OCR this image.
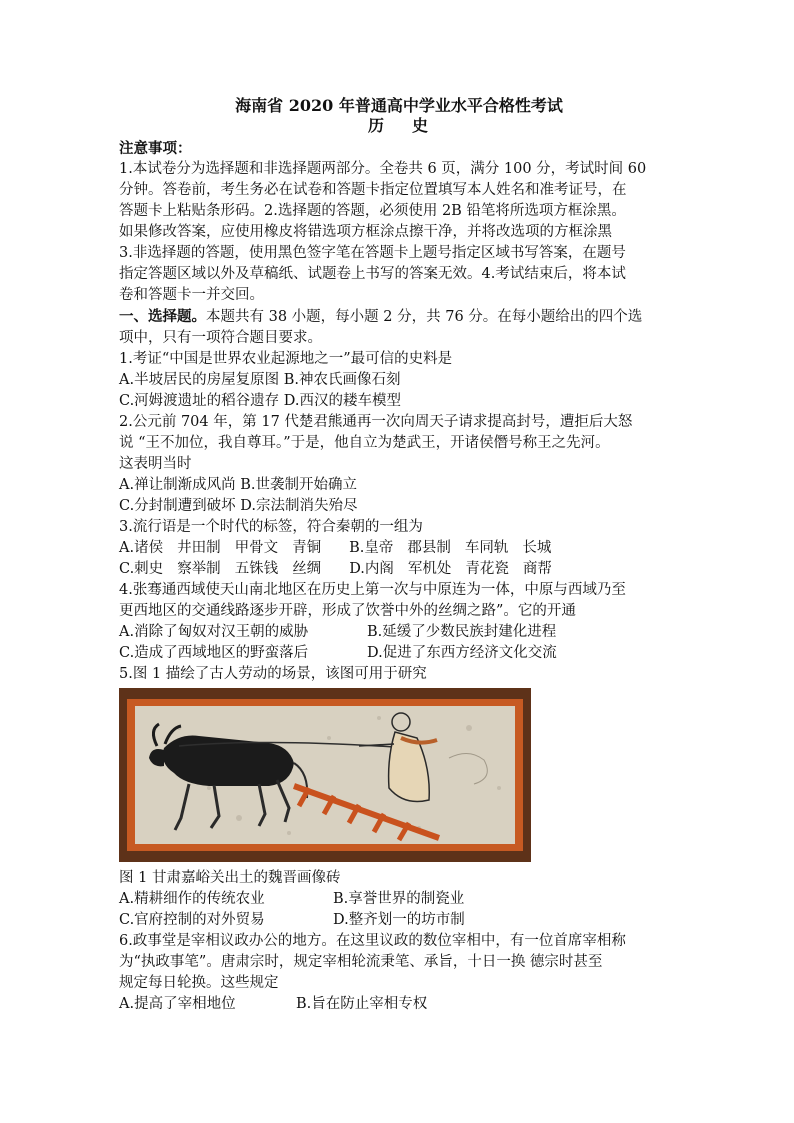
海南省 2020 年普通高中学业水平合格性考试

历 史

注意事项：

1.本试卷分为选择题和非选择题两部分。全卷共 6 页，满分 100 分，考试时间 60

分钟。答卷前，考生务必在试卷和答题卡指定位置填写本人姓名和准考证号，在

答题卡上粘贴条形码。2.选择题的答题，必须使用 2B 铅笔将所选项方框涂黑。

如果修改答案，应使用橡皮将错选项方框涂点擦干净，并将改选项的方框涂黑

3.非选择题的答题，使用黑色签字笔在答题卡上题号指定区域书写答案，在题号

指定答题区域以外及草稿纸、试题卷上书写的答案无效。4.考试结束后，将本试

卷和答题卡一并交回。

一、选择题。本题共有 38 小题，每小题 2 分，共 76 分。在每小题给出的四个选

项中，只有一项符合题目要求。

1.考证“中国是世界农业起源地之一”最可信的史料是

A.半坡居民的房屋复原图 B.神农氏画像石刻

C.河姆渡遗址的稻谷遗存 D.西汉的耧车模型

2.公元前 704 年，第 17 代楚君熊通再一次向周天子请求提高封号，遭拒后大怒

说 “王不加位，我自尊耳。”于是，他自立为楚武王，开诸侯僭号称王之先河。

这表明当时

A.禅让制渐成风尚 B.世袭制开始确立

C.分封制遭到破坏 D.宗法制消失殆尽

3.流行语是一个时代的标签，符合秦朝的一组为

A.诸侯 井田制 甲骨文 青铜 B.皇帝 郡县制 车同轨 长城

C.刺史 察举制 五铢钱 丝绸 D.内阁 军机处 青花瓷 商帮

4.张骞通西域使天山南北地区在历史上第一次与中原连为一体，中原与西域乃至

更西地区的交通线路逐步开辟，形成了饮誉中外的丝绸之路”。它的开通

A.消除了匈奴对汉王朝的威胁	B.延缓了少数民族封建化进程
C.造成了西域地区的野蛮落后	D.促进了东西方经济文化交流

5.图 1 描绘了古人劳动的场景，该图可用于研究

图 1 甘肃嘉峪关出土的魏晋画像砖

A.精耕细作的传统农业	B.享誉世界的制瓷业
C.官府控制的对外贸易	D.整齐划一的坊市制

6.政事堂是宰相议政办公的地方。在这里议政的数位宰相中，有一位首席宰相称

为“执政事笔”。唐肃宗时，规定宰相轮流秉笔、承旨，十日一换 德宗时甚至

规定每日轮换。这些规定

A.提高了宰相地位	B.旨在防止宰相专权
